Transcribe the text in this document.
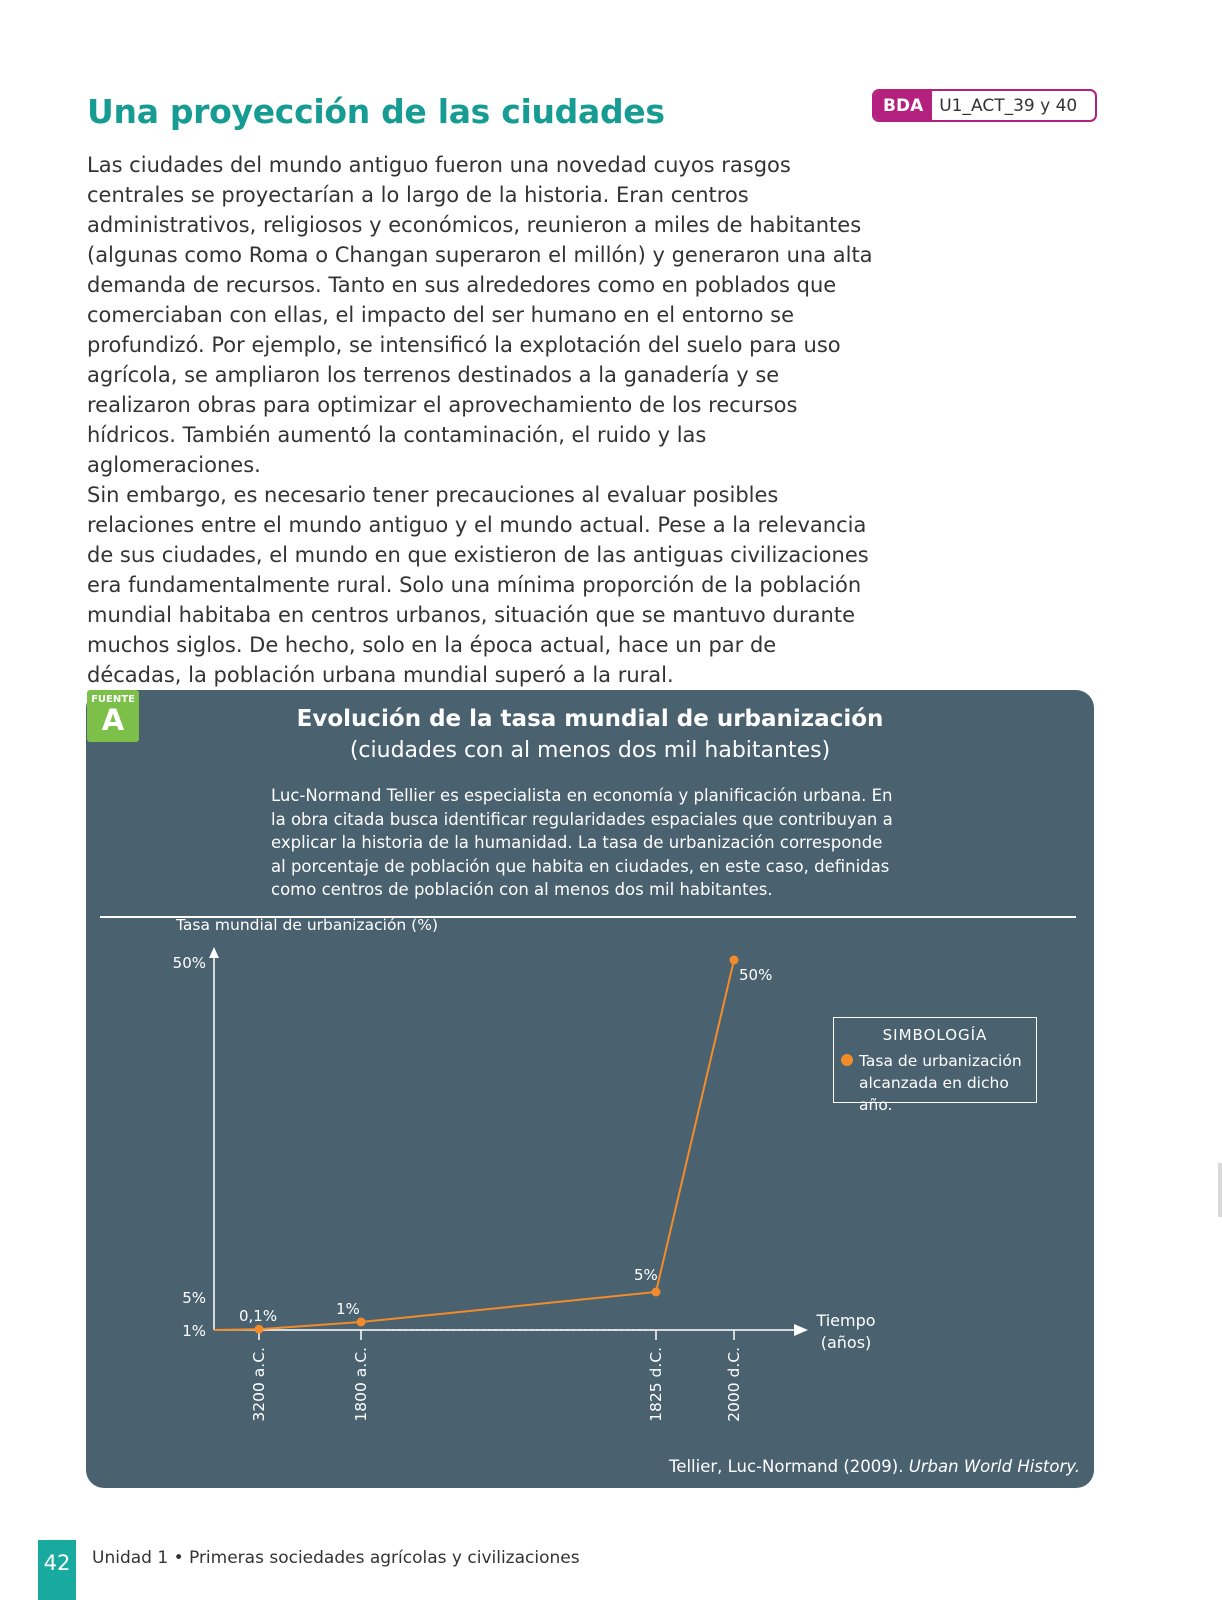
Una proyección de las ciudades	BDA U1_ACT_39 y 40

Las ciudades del mundo antiguo fueron una novedad cuyos rasgos centrales se proyectarían a lo largo de la historia. Eran centros administrativos, religiosos y económicos, reunieron a miles de habitantes (algunas como Roma o Changan superaron el millón) y generaron una alta demanda de recursos. Tanto en sus alrededores como en poblados que comerciaban con ellas, el impacto del ser humano en el entorno se profundizó. Por ejemplo, se intensificó la explotación del suelo para uso agrícola, se ampliaron los terrenos destinados a la ganadería y se realizaron obras para optimizar el aprovechamiento de los recursos hídricos. También aumentó la contaminación, el ruido y las aglomeraciones.

Sin embargo, es necesario tener precauciones al evaluar posibles relaciones entre el mundo antiguo y el mundo actual. Pese a la relevancia de sus ciudades, el mundo en que existieron de las antiguas civilizaciones era fundamentalmente rural. Solo una mínima proporción de la población mundial habitaba en centros urbanos, situación que se mantuvo durante muchos siglos. De hecho, solo en la época actual, hace un par de décadas, la población urbana mundial superó a la rural.

FUENTE
A	Evolución de la tasa mundial de urbanización
(ciudades con al menos dos mil habitantes)

Luc-Normand Tellier es especialista en economía y planificación urbana. En la obra citada busca identificar regularidades espaciales que contribuyan a explicar la historia de la humanidad. La tasa de urbanización corresponde al porcentaje de población que habita en ciudades, en este caso, definidas como centros de población con al menos dos mil habitantes.

Tasa mundial de urbanización (%)
50%
5%
1%
3200 a.C.	1800 a.C.	1825 d.C.	2000 d.C.
Tiempo
(años)
0,1%	1%
5%
50%
SIMBOLOGÍA
Tasa de urbanización alcanzada en dicho año.
Tellier, Luc-Normand (2009). Urban World History.
42	Unidad 1 • Primeras sociedades agrícolas y civilizaciones
